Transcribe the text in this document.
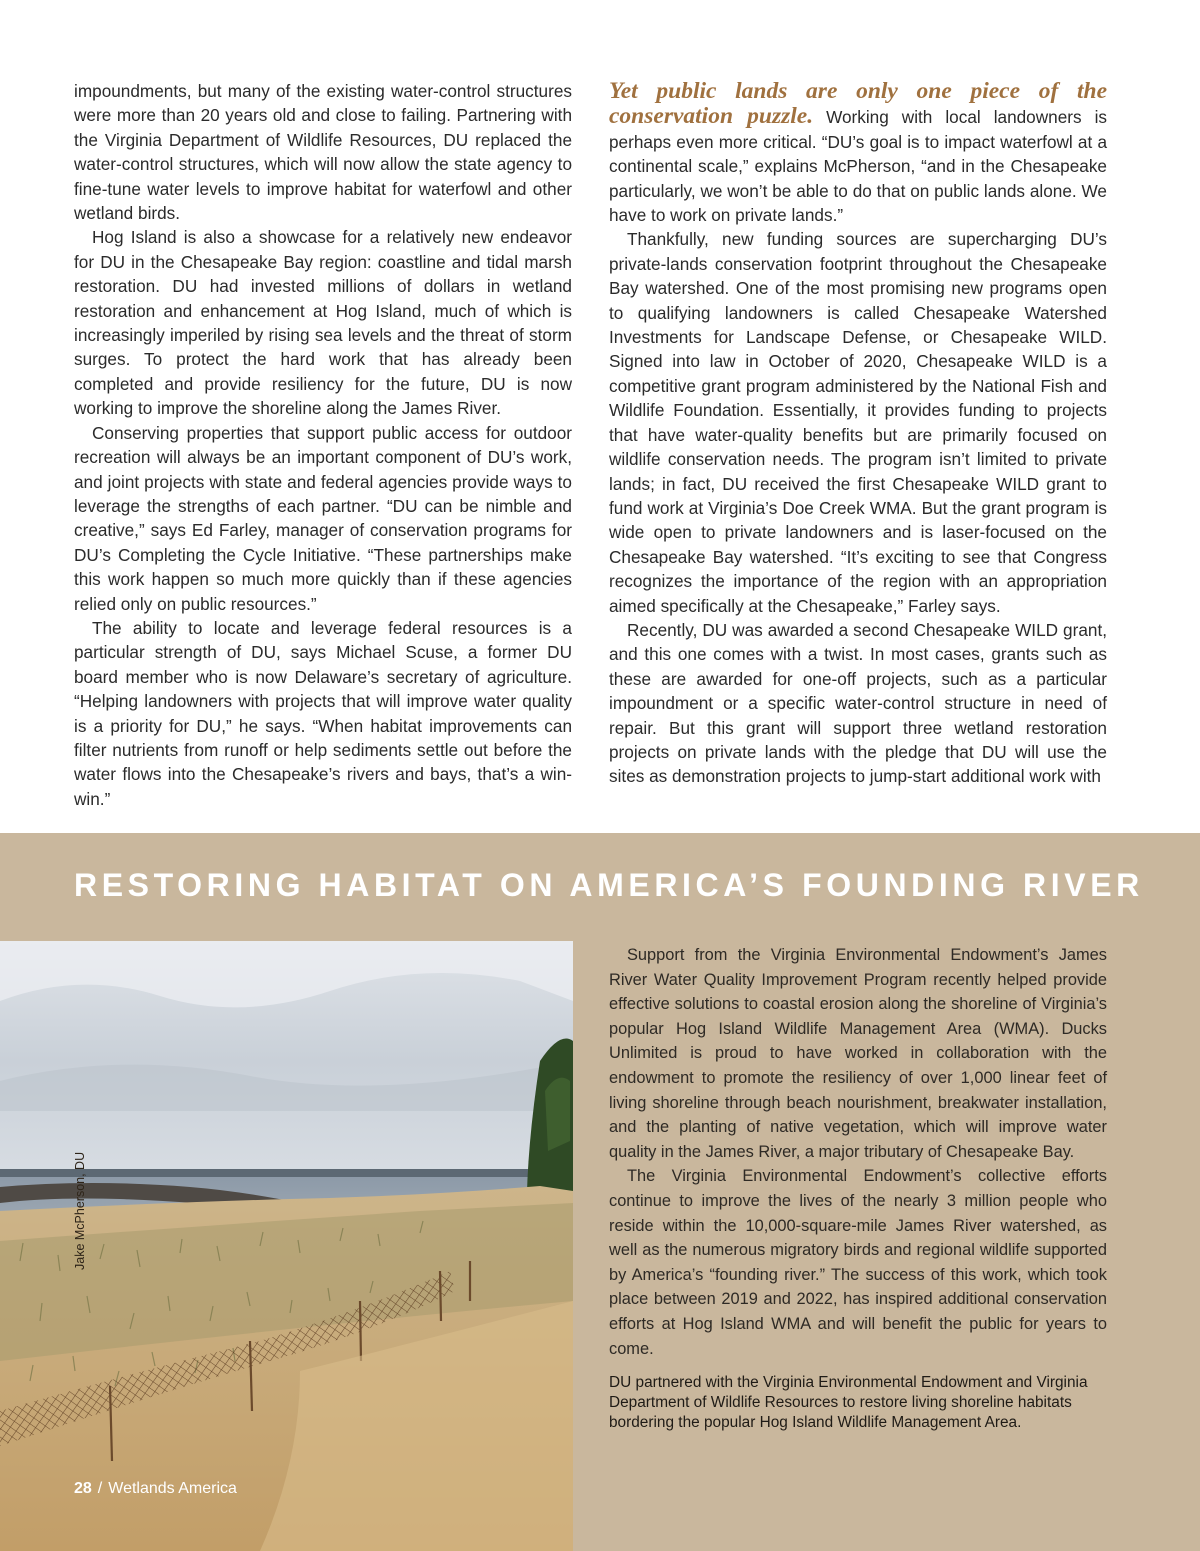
impoundments, but many of the existing water-control structures were more than 20 years old and close to failing. Partnering with the Virginia Department of Wildlife Resources, DU replaced the water-control structures, which will now allow the state agency to fine-tune water levels to improve habitat for waterfowl and other wetland birds.

Hog Island is also a showcase for a relatively new endeavor for DU in the Chesapeake Bay region: coastline and tidal marsh restoration. DU had invested millions of dollars in wetland restoration and enhancement at Hog Island, much of which is increasingly imperiled by rising sea levels and the threat of storm surges. To protect the hard work that has already been completed and provide resiliency for the future, DU is now working to improve the shoreline along the James River.

Conserving properties that support public access for outdoor recreation will always be an important component of DU’s work, and joint projects with state and federal agencies provide ways to leverage the strengths of each partner. “DU can be nimble and creative,” says Ed Farley, manager of conservation programs for DU’s Completing the Cycle Initiative. “These partnerships make this work happen so much more quickly than if these agencies relied only on public resources.”

The ability to locate and leverage federal resources is a particular strength of DU, says Michael Scuse, a former DU board member who is now Delaware’s secretary of agriculture. “Helping landowners with projects that will improve water quality is a priority for DU,” he says. “When habitat improvements can filter nutrients from runoff or help sediments settle out before the water flows into the Chesapeake’s rivers and bays, that’s a win-win.”

Yet public lands are only one piece of the conservation puzzle. Working with local landowners is perhaps even more critical. “DU’s goal is to impact waterfowl at a continental scale,” explains McPherson, “and in the Chesapeake particularly, we won’t be able to do that on public lands alone. We have to work on private lands.”

Thankfully, new funding sources are supercharging DU’s private-lands conservation footprint throughout the Chesapeake Bay watershed. One of the most promising new programs open to qualifying landowners is called Chesapeake Watershed Investments for Landscape Defense, or Chesapeake WILD. Signed into law in October of 2020, Chesapeake WILD is a competitive grant program administered by the National Fish and Wildlife Foundation. Essentially, it provides funding to projects that have water-quality benefits but are primarily focused on wildlife conservation needs. The program isn’t limited to private lands; in fact, DU received the first Chesapeake WILD grant to fund work at Virginia’s Doe Creek WMA. But the grant program is wide open to private landowners and is laser-focused on the Chesapeake Bay watershed. “It’s exciting to see that Congress recognizes the importance of the region with an appropriation aimed specifically at the Chesapeake,” Farley says.

Recently, DU was awarded a second Chesapeake WILD grant, and this one comes with a twist. In most cases, grants such as these are awarded for one-off projects, such as a particular impoundment or a specific water-control structure in need of repair. But this grant will support three wetland restoration projects on private lands with the pledge that DU will use the sites as demonstration projects to jump-start additional work with

RESTORING HABITAT ON AMERICA’S FOUNDING RIVER
Jake McPherson, DU
28 / Wetlands America

Support from the Virginia Environmental Endowment’s James River Water Quality Improvement Program recently helped provide effective solutions to coastal erosion along the shoreline of Virginia’s popular Hog Island Wildlife Management Area (WMA). Ducks Unlimited is proud to have worked in collaboration with the endowment to promote the resiliency of over 1,000 linear feet of living shoreline through beach nourishment, breakwater installation, and the planting of native vegetation, which will improve water quality in the James River, a major tributary of Chesapeake Bay.

The Virginia Environmental Endowment’s collective efforts continue to improve the lives of the nearly 3 million people who reside within the 10,000-square-mile James River watershed, as well as the numerous migratory birds and regional wildlife supported by America’s “founding river.” The success of this work, which took place between 2019 and 2022, has inspired additional conservation efforts at Hog Island WMA and will benefit the public for years to come.

DU partnered with the Virginia Environmental Endowment and Virginia Department of Wildlife Resources to restore living shoreline habitats bordering the popular Hog Island Wildlife Management Area.
